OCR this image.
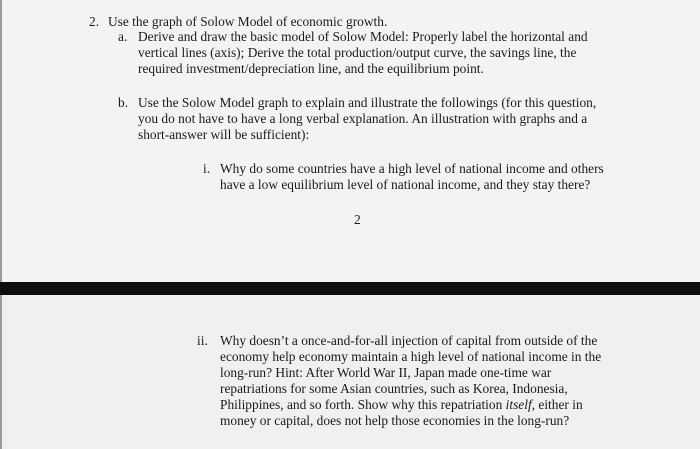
2. Use the graph of Solow Model of economic growth.

a. Derive and draw the basic model of Solow Model: Properly label the horizontal and

vertical lines (axis); Derive the total production/output curve, the savings line, the

required investment/depreciation line, and the equilibrium point.

b. Use the Solow Model graph to explain and illustrate the followings (for this question,

you do not have to have a long verbal explanation. An illustration with graphs and a

short-answer will be sufficient):

i. Why do some countries have a high level of national income and others

have a low equilibrium level of national income, and they stay there?

2

ii. Why doesn’t a once-and-for-all injection of capital from outside of the

economy help economy maintain a high level of national income in the

long-run? Hint: After World War II, Japan made one-time war

repatriations for some Asian countries, such as Korea, Indonesia,

Philippines, and so forth. Show why this repatriation itself, either in

money or capital, does not help those economies in the long-run?
